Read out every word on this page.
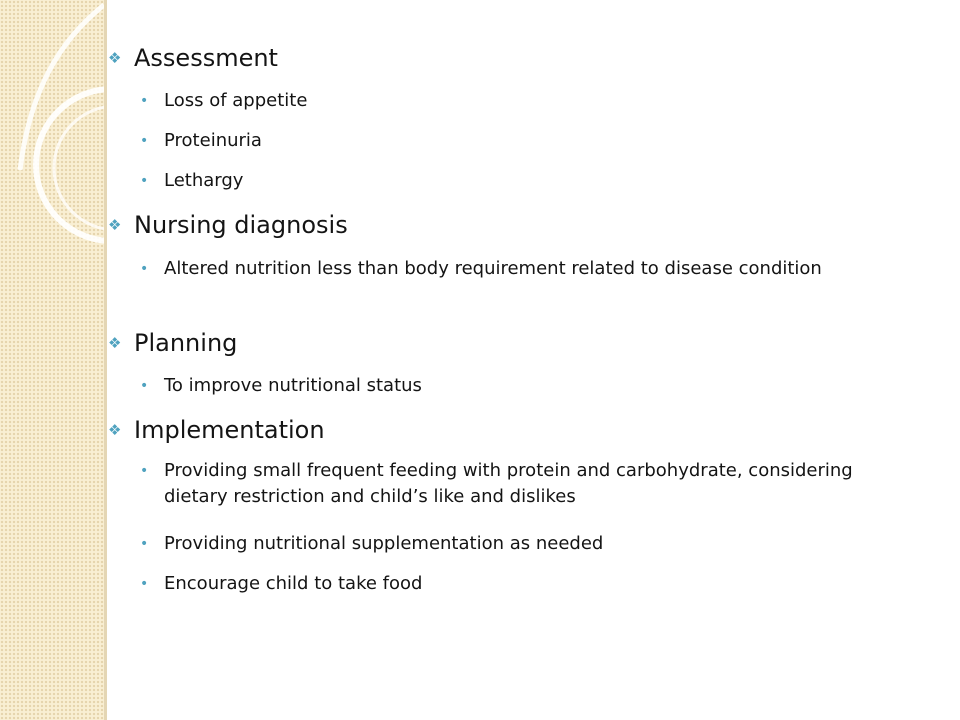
❖ Assessment
• Loss of appetite
• Proteinuria
• Lethargy
❖ Nursing diagnosis
• Altered nutrition less than body requirement related to disease condition
❖ Planning
• To improve nutritional status
❖ Implementation
• Providing small frequent feeding with protein and carbohydrate, considering dietary restriction and child’s like and dislikes
• Providing nutritional supplementation as needed
• Encourage child to take food
